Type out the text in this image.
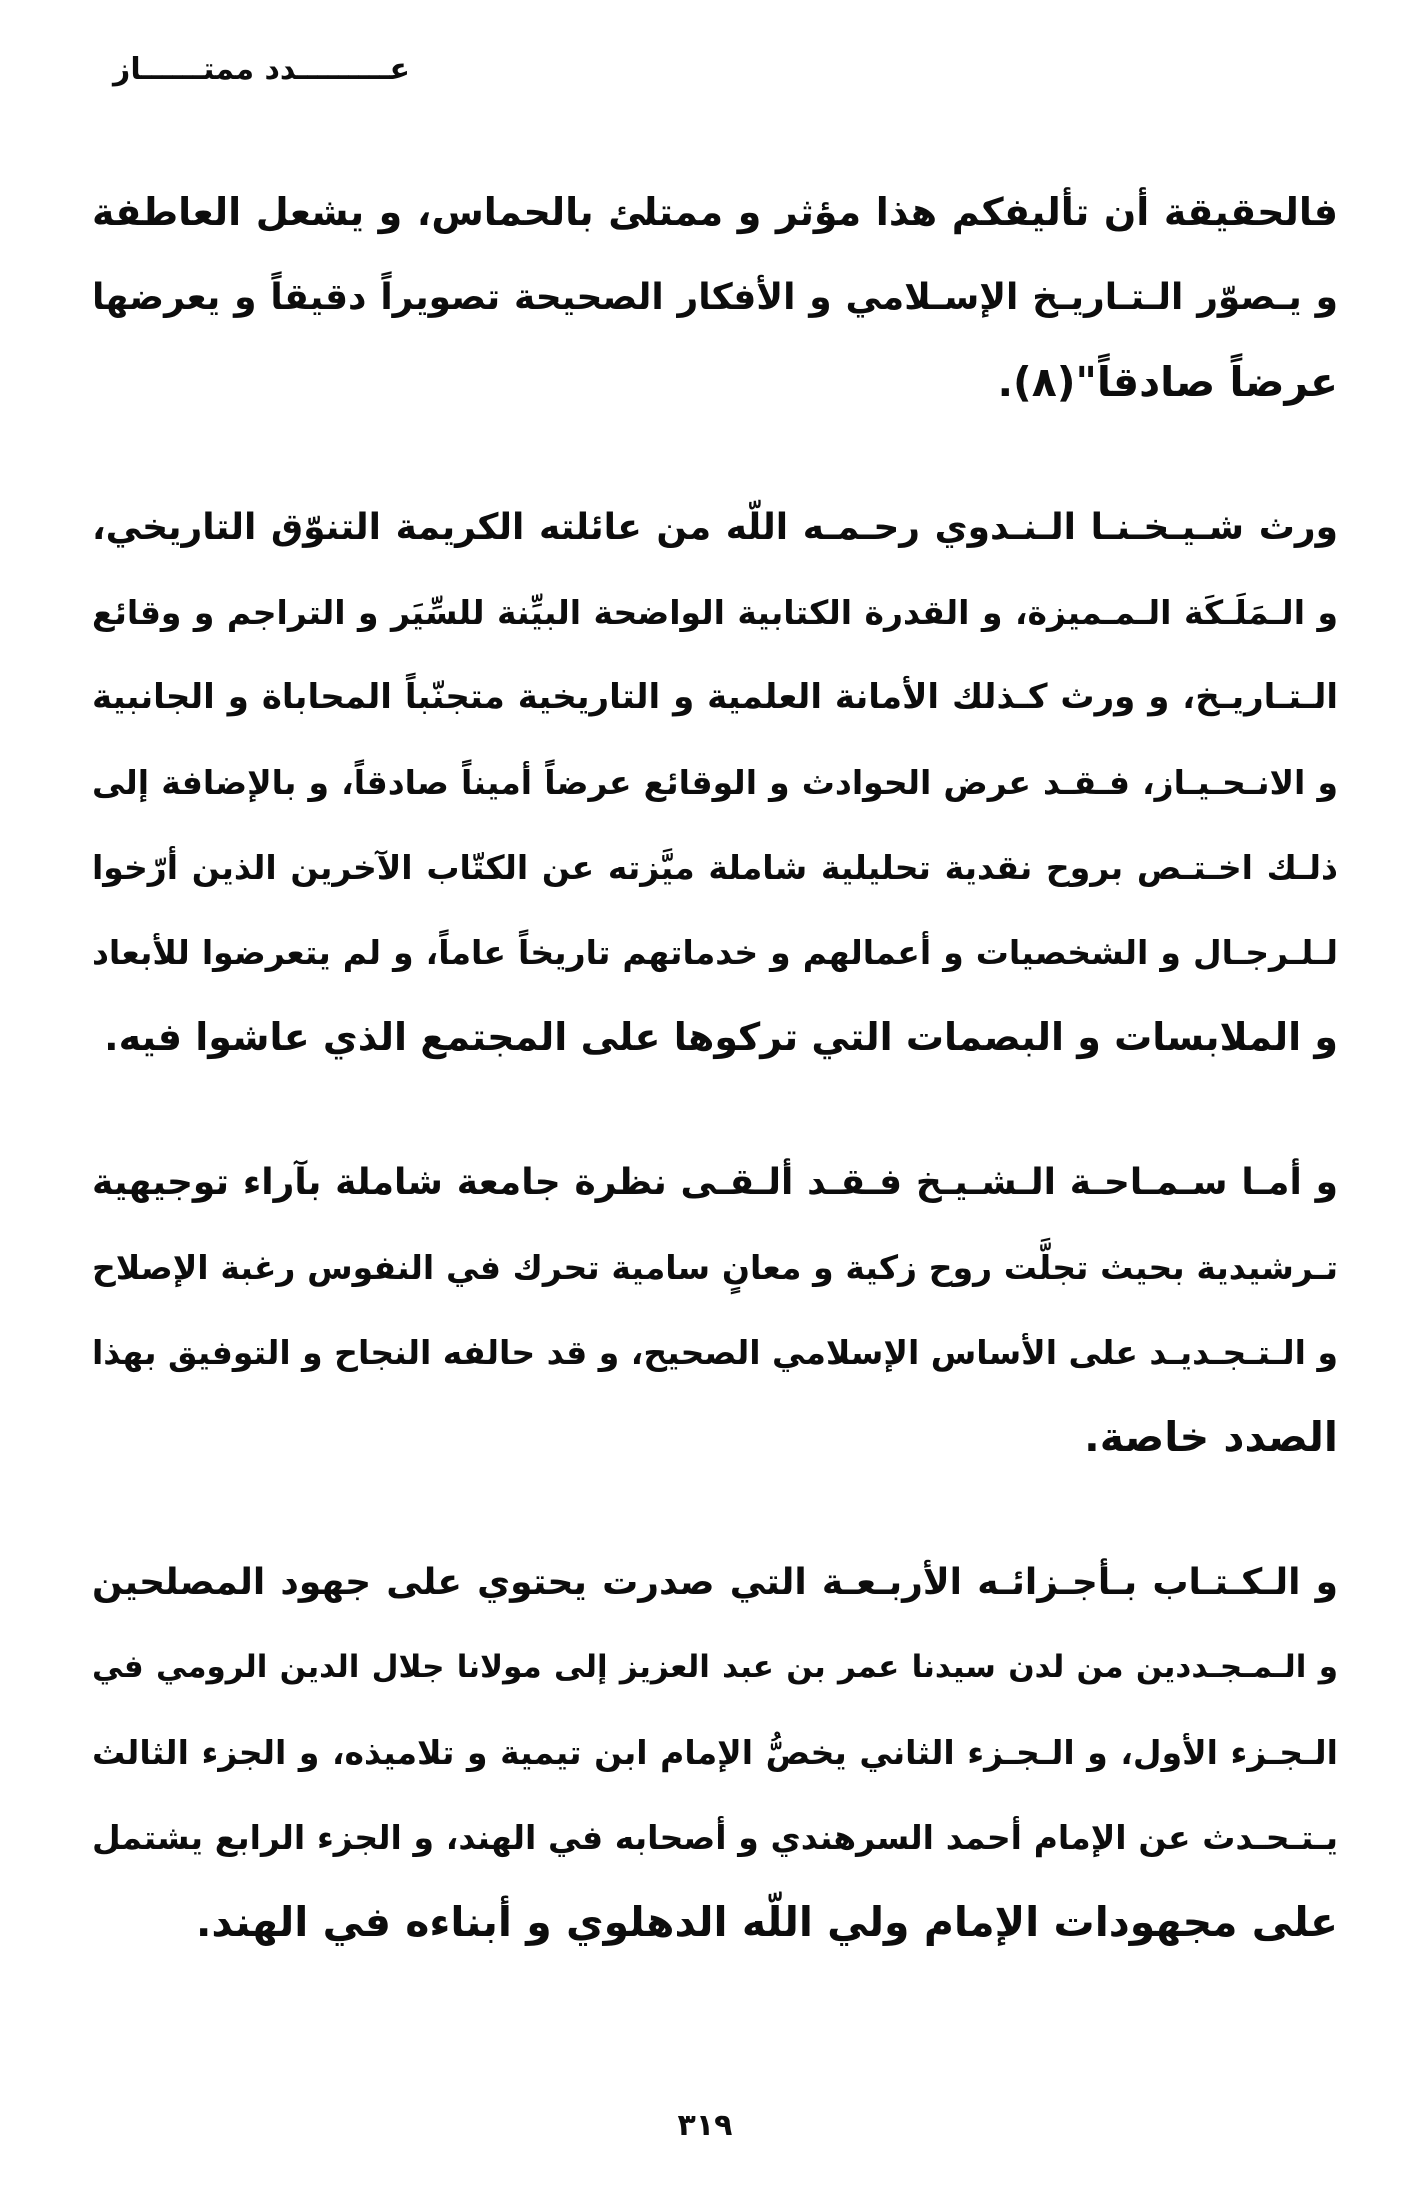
عـــــــــدد ممتــــــاز
فالحقيقة أن تأليفكم هذا مؤثر و ممتلئ بالحماس، و يشعل العاطفة
و يـصوّر الـتـاريـخ الإسـلامي و الأفكار الصحيحة تصويراً دقيقاً و يعرضها
عرضاً صادقاً"(٨).
ورث شـيـخـنـا الـنـدوي رحـمـه اللّه من عائلته الكريمة التنوّق التاريخي،
و الـمَلَـكَة الـمـميزة، و القدرة الكتابية الواضحة البيِّنة للسِّيَر و التراجم و وقائع
الـتـاريـخ، و ورث كـذلك الأمانة العلمية و التاريخية متجنّباً المحاباة و الجانبية
و الانـحـيـاز، فـقـد عرض الحوادث و الوقائع عرضاً أميناً صادقاً، و بالإضافة إلى
ذلـك اخـتـص بروح نقدية تحليلية شاملة ميَّزته عن الكتّاب الآخرين الذين أرّخوا
لـلـرجـال و الشخصيات و أعمالهم و خدماتهم تاريخاً عاماً، و لم يتعرضوا للأبعاد
و الملابسات و البصمات التي تركوها على المجتمع الذي عاشوا فيه.
و أمـا سـمـاحـة الـشـيـخ فـقـد ألـقـى نظرة جامعة شاملة بآراء توجيهية
تـرشيدية بحيث تجلَّت روح زكية و معانٍ سامية تحرك في النفوس رغبة الإصلاح
و الـتـجـديـد على الأساس الإسلامي الصحيح، و قد حالفه النجاح و التوفيق بهذا
الصدد خاصة.
و الـكـتـاب بـأجـزائـه الأربـعـة التي صدرت يحتوي على جهود المصلحين
و الـمـجـددين من لدن سيدنا عمر بن عبد العزيز إلى مولانا جلال الدين الرومي في
الـجـزء الأول، و الـجـزء الثاني يخصُّ الإمام ابن تيمية و تلاميذه، و الجزء الثالث
يـتـحـدث عن الإمام أحمد السرهندي و أصحابه في الهند، و الجزء الرابع يشتمل
على مجهودات الإمام ولي اللّه الدهلوي و أبناءه في الهند.
٣١٩
